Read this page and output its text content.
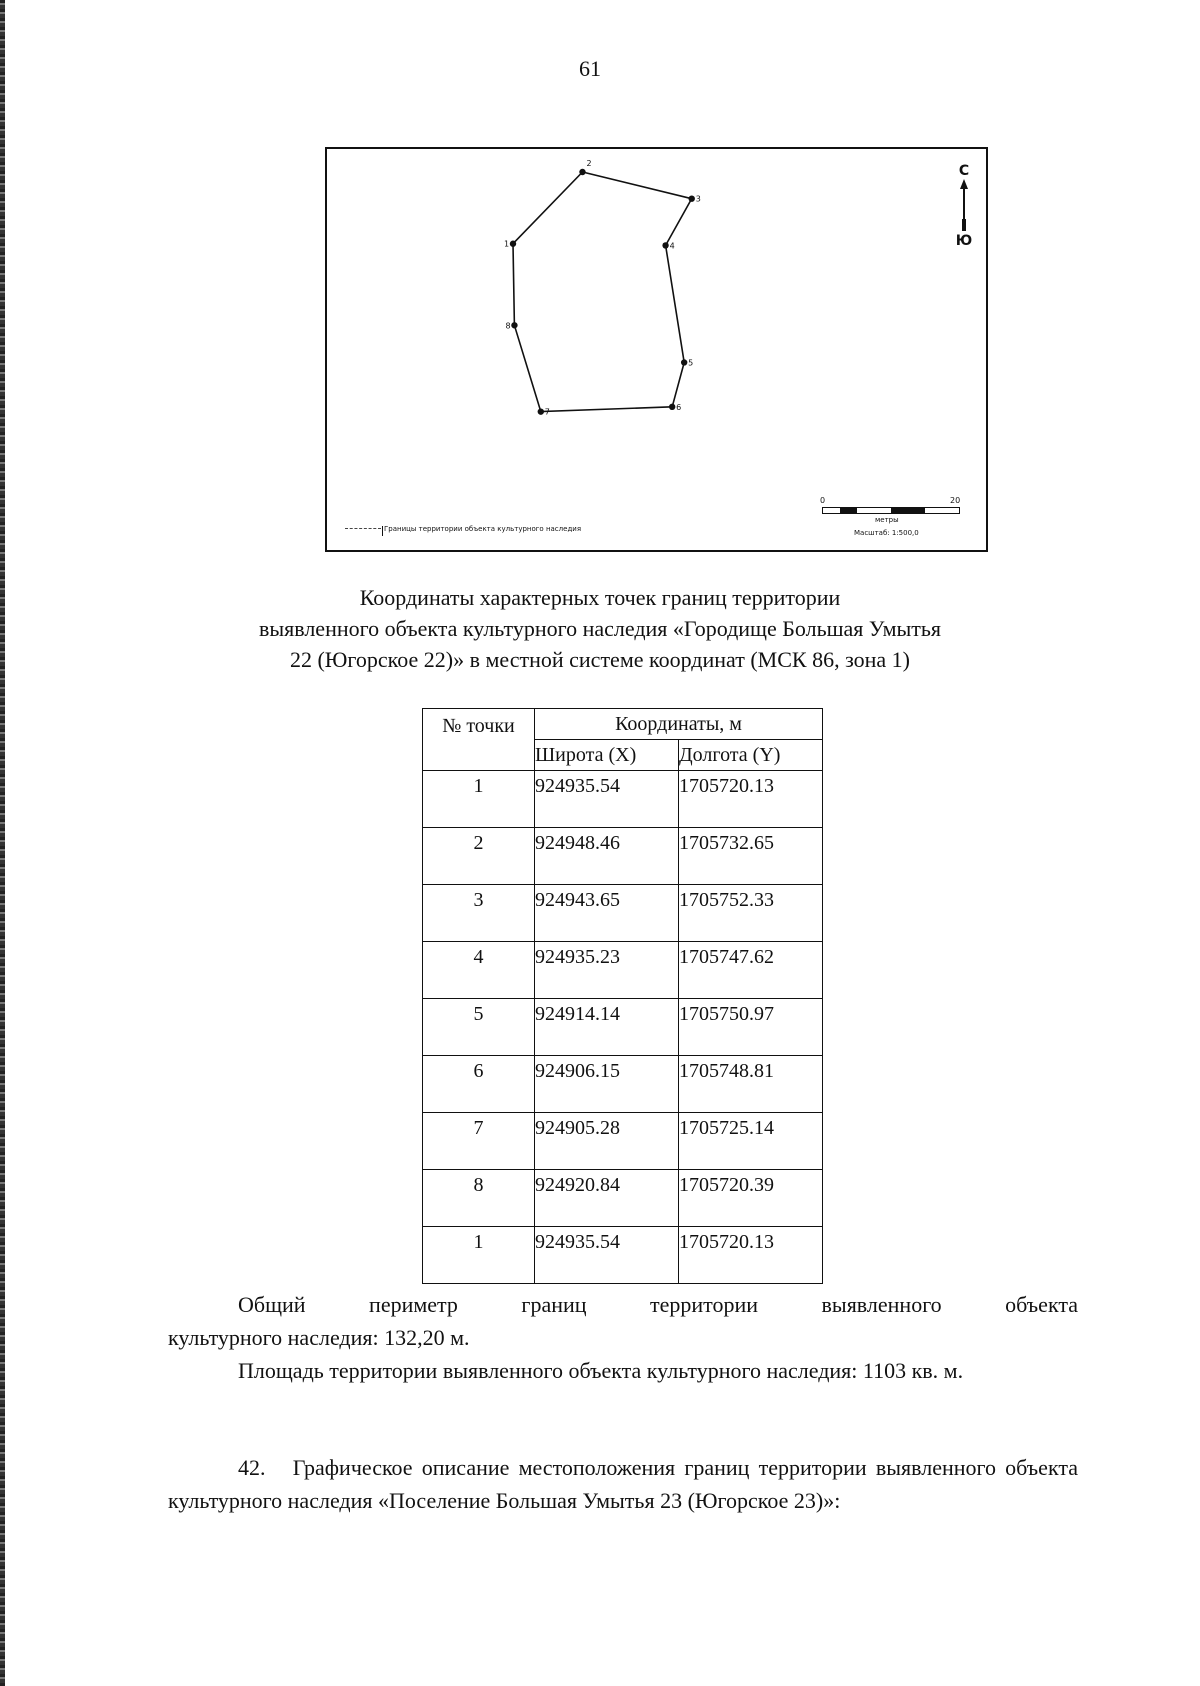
61
1
2
3
4
5
6
7
8
С
Ю
0	20
метры
Масштаб: 1:500,0
Границы территории объекта культурного наследия
Координаты характерных точек границ территории
выявленного объекта культурного наследия «Городище Большая Умытья
22 (Югорское 22)» в местной системе координат (МСК 86, зона 1)
№ точки	Координаты, м	
	Широта (X)	Долгота (Y)
1	924935.54	1705720.13
2	924948.46	1705732.65
3	924943.65	1705752.33
4	924935.23	1705747.62
5	924914.14	1705750.97
6	924906.15	1705748.81
7	924905.28	1705725.14
8	924920.84	1705720.39
1	924935.54	1705720.13
Общий периметр границ территории выявленного объекта
культурного наследия: 132,20 м.
Площадь территории выявленного объекта культурного наследия: 1103 кв. м.
42. Графическое описание местоположения границ территории выявленного объекта культурного наследия «Поселение Большая Умытья 23 (Югорское 23)»:
